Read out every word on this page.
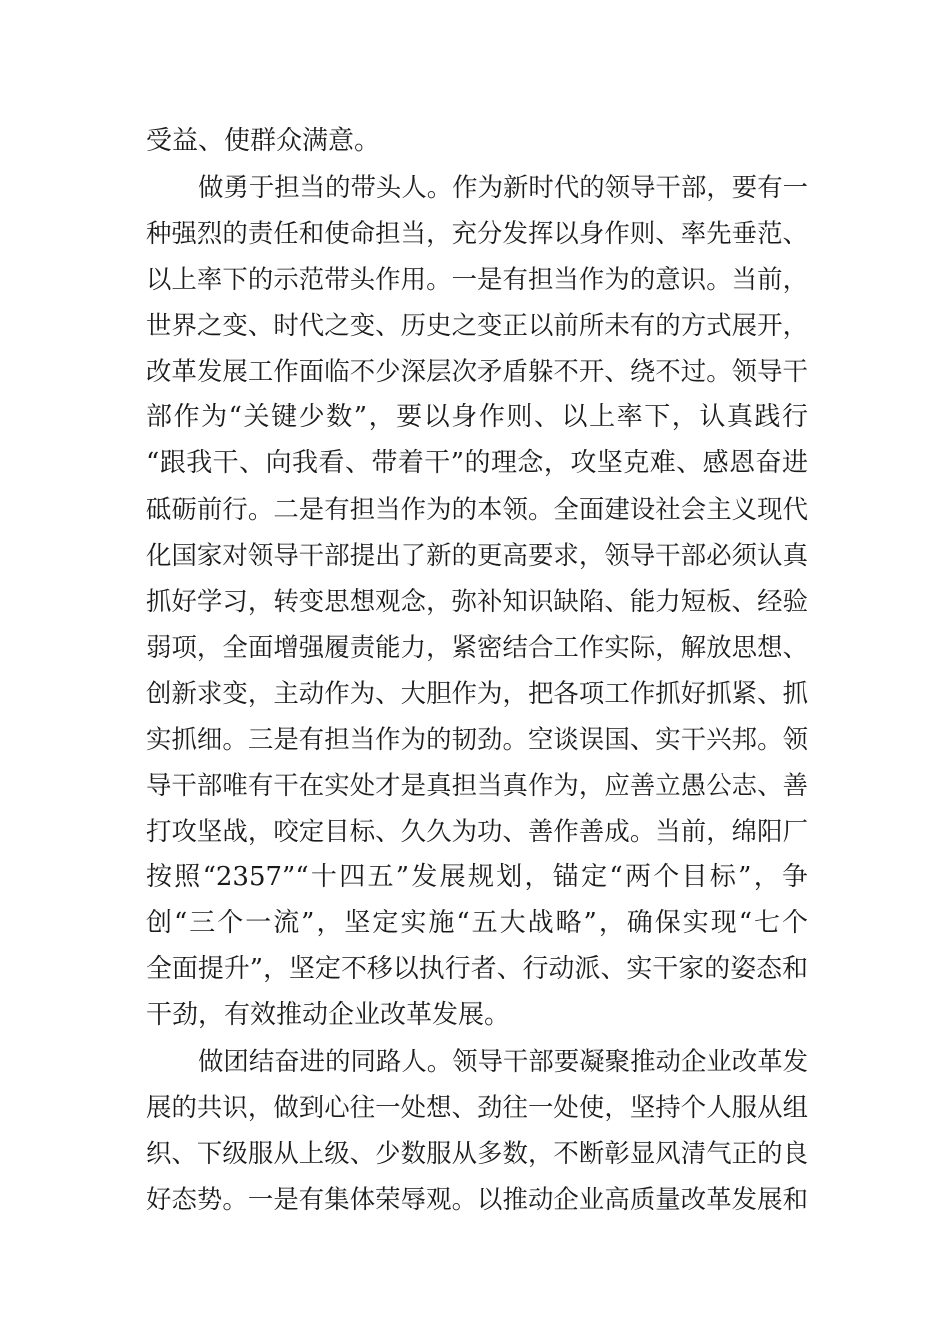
受益、使群众满意。
做勇于担当的带头人。作为新时代的领导干部，要有一
种强烈的责任和使命担当，充分发挥以身作则、率先垂范、
以上率下的示范带头作用。一是有担当作为的意识。当前，
世界之变、时代之变、历史之变正以前所未有的方式展开，
改革发展工作面临不少深层次矛盾躲不开、绕不过。领导干
部作为“关键少数”，要以身作则、以上率下，认真践行
“跟我干、向我看、带着干”的理念，攻坚克难、感恩奋进
砥砺前行。二是有担当作为的本领。全面建设社会主义现代
化国家对领导干部提出了新的更高要求，领导干部必须认真
抓好学习，转变思想观念，弥补知识缺陷、能力短板、经验
弱项，全面增强履责能力，紧密结合工作实际，解放思想、
创新求变，主动作为、大胆作为，把各项工作抓好抓紧、抓
实抓细。三是有担当作为的韧劲。空谈误国、实干兴邦。领
导干部唯有干在实处才是真担当真作为，应善立愚公志、善
打攻坚战，咬定目标、久久为功、善作善成。当前，绵阳厂
按照“2357”“十四五”发展规划，锚定“两个目标”，争
创“三个一流”，坚定实施“五大战略”，确保实现“七个
全面提升”，坚定不移以执行者、行动派、实干家的姿态和
干劲，有效推动企业改革发展。
做团结奋进的同路人。领导干部要凝聚推动企业改革发
展的共识，做到心往一处想、劲往一处使，坚持个人服从组
织、下级服从上级、少数服从多数，不断彰显风清气正的良
好态势。一是有集体荣辱观。以推动企业高质量改革发展和
